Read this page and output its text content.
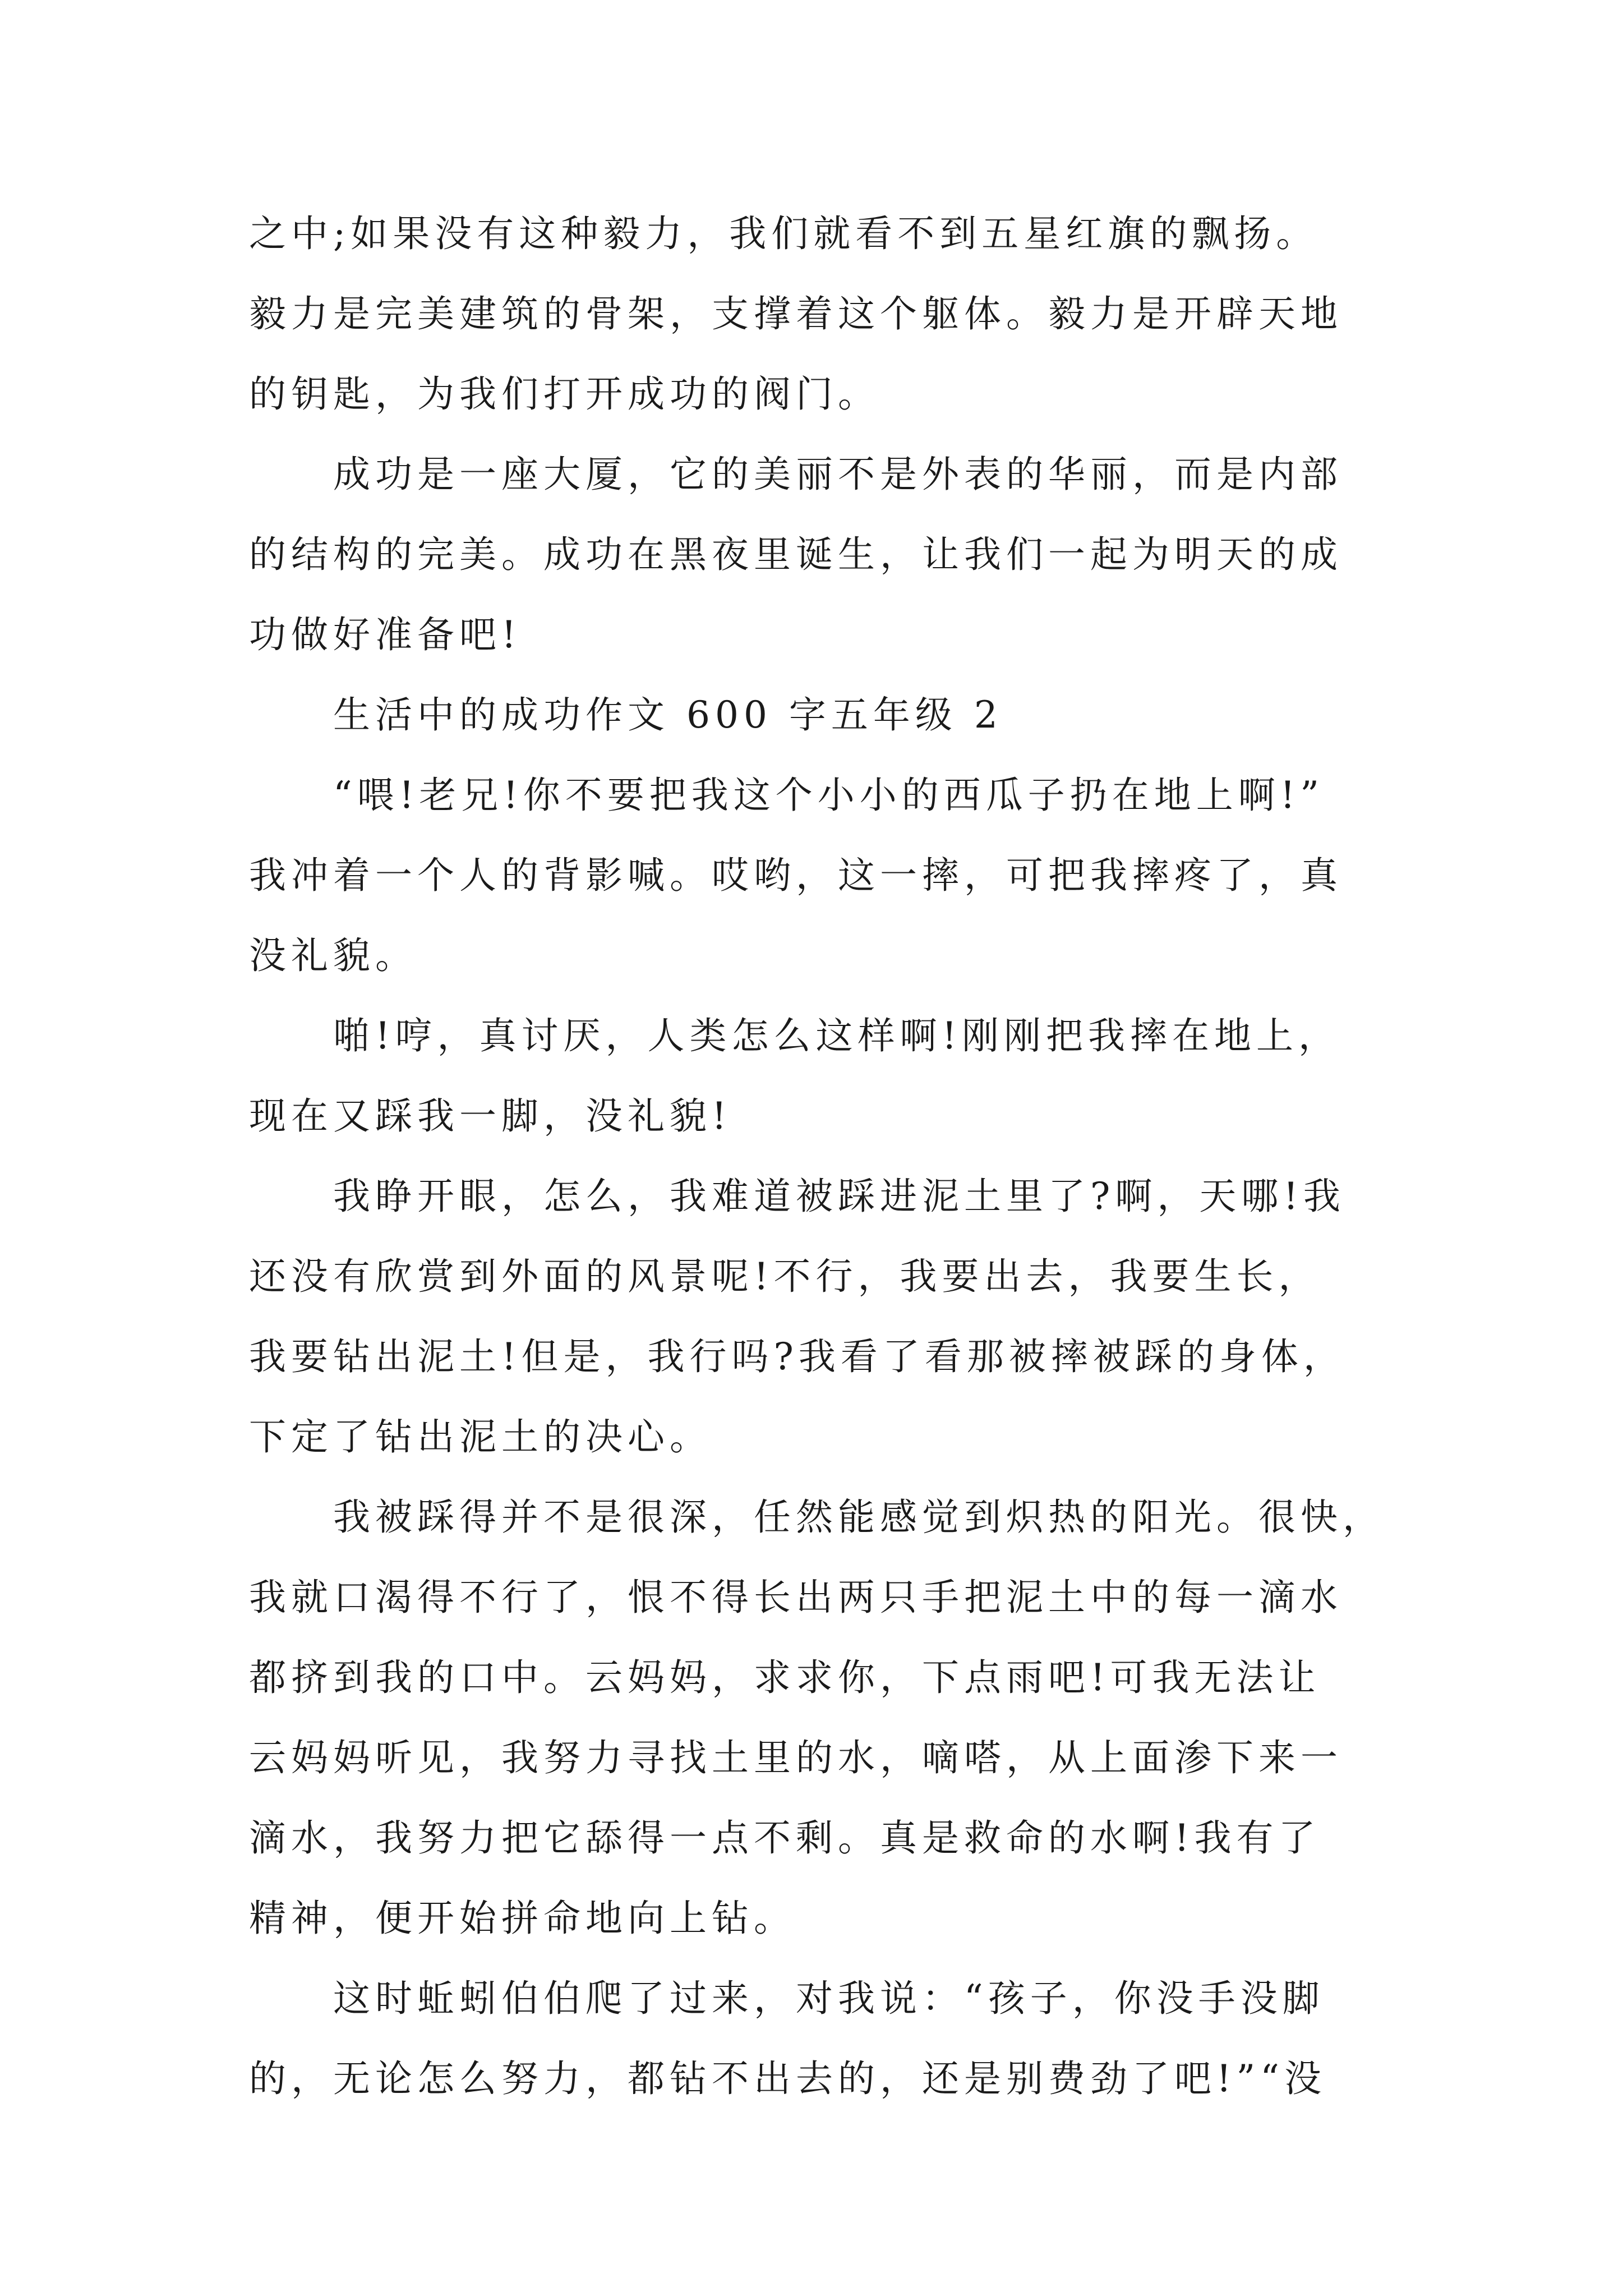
之中;如果没有这种毅力，我们就看不到五星红旗的飘扬。
毅力是完美建筑的骨架，支撑着这个躯体。毅力是开辟天地
的钥匙，为我们打开成功的阀门。
成功是一座大厦，它的美丽不是外表的华丽，而是内部
的结构的完美。成功在黑夜里诞生，让我们一起为明天的成
功做好准备吧!
生活中的成功作文 600 字五年级 2
“喂!老兄!你不要把我这个小小的西瓜子扔在地上啊!”
我冲着一个人的背影喊。哎哟，这一摔，可把我摔疼了，真
没礼貌。
啪!哼，真讨厌，人类怎么这样啊!刚刚把我摔在地上，
现在又踩我一脚，没礼貌!
我睁开眼，怎么，我难道被踩进泥土里了?啊，天哪!我
还没有欣赏到外面的风景呢!不行，我要出去，我要生长，
我要钻出泥土!但是，我行吗?我看了看那被摔被踩的身体，
下定了钻出泥土的决心。
我被踩得并不是很深，任然能感觉到炽热的阳光。很快，
我就口渴得不行了，恨不得长出两只手把泥土中的每一滴水
都挤到我的口中。云妈妈，求求你，下点雨吧!可我无法让
云妈妈听见，我努力寻找土里的水，嘀嗒，从上面渗下来一
滴水，我努力把它舔得一点不剩。真是救命的水啊!我有了
精神，便开始拼命地向上钻。
这时蚯蚓伯伯爬了过来，对我说：“孩子，你没手没脚
的，无论怎么努力，都钻不出去的，还是别费劲了吧!”“没
